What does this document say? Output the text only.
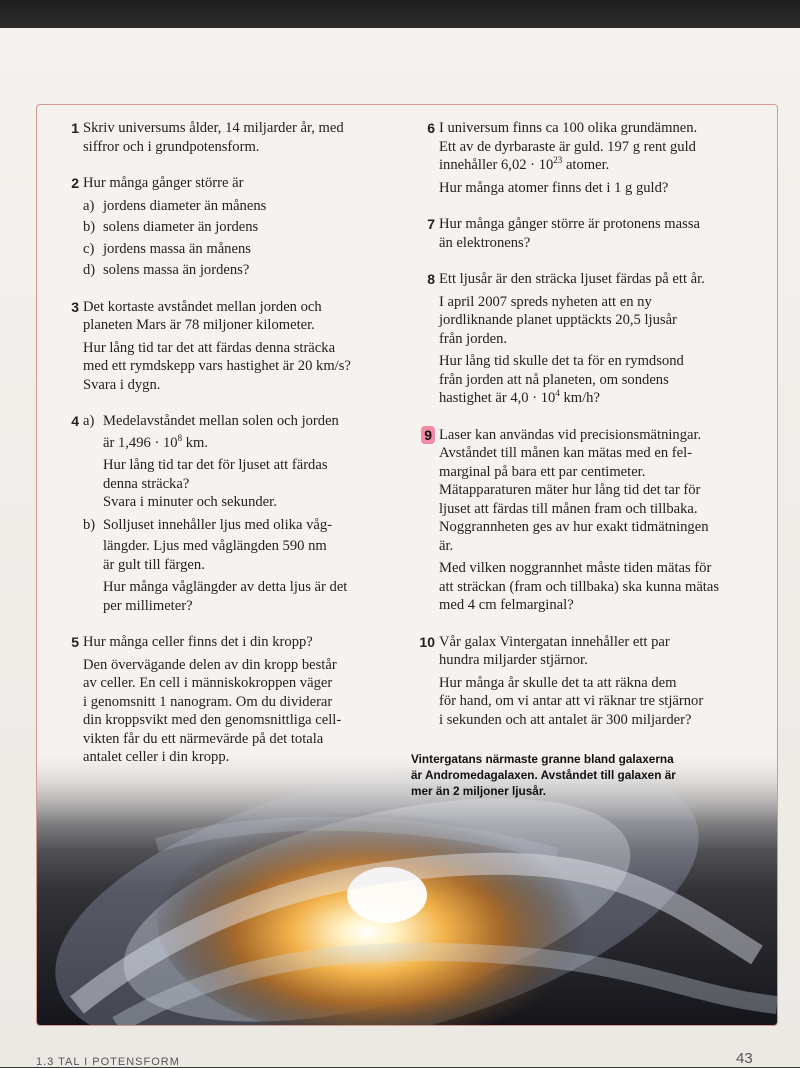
1 Skriv universums ålder, 14 miljarder år, med
siffror och i grundpotensform.
2 Hur många gånger större är
a) jordens diameter än månens
b) solens diameter än jordens
c) jordens massa än månens
d) solens massa än jordens?
3 Det kortaste avståndet mellan jorden och
planeten Mars är 78 miljoner kilometer.
Hur lång tid tar det att färdas denna sträcka
med ett rymdskepp vars hastighet är 20 km/s?
Svara i dygn.
4 a) Medelavståndet mellan solen och jorden
är $1,496 \cdot 10^8$ km.
Hur lång tid tar det för ljuset att färdas
denna sträcka?
Svara i minuter och sekunder.
b) Solljuset innehåller ljus med olika våg-
längder. Ljus med våglängden 590 nm
är gult till färgen.
Hur många våglängder av detta ljus är det
per millimeter?
5 Hur många celler finns det i din kropp?
Den övervägande delen av din kropp består
av celler. En cell i människokroppen väger
i genomsnitt 1 nanogram. Om du dividerar
din kroppsvikt med den genomsnittliga cell-
vikten får du ett närmevärde på det totala
antalet celler i din kropp.
6 I universum finns ca 100 olika grundämnen.
Ett av de dyrbaraste är guld. 197 g rent guld
innehåller $6,02 \cdot 10^{23}$ atomer.
Hur många atomer finns det i 1 g guld?
7 Hur många gånger större är protonens massa
än elektronens?
8 Ett ljusår är den sträcka ljuset färdas på ett år.
I april 2007 spreds nyheten att en ny
jordliknande planet upptäckts 20,5 ljusår
från jorden.
Hur lång tid skulle det ta för en rymdsond
från jorden att nå planeten, om sondens
hastighet är $4,0 \cdot 10^4$ km/h?
9 Laser kan användas vid precisionsmätningar.
Avståndet till månen kan mätas med en fel-
marginal på bara ett par centimeter.
Mätapparaturen mäter hur lång tid det tar för
ljuset att färdas till månen fram och tillbaka.
Noggrannheten ges av hur exakt tidmätningen
är.
Med vilken noggrannhet måste tiden mätas för
att sträckan (fram och tillbaka) ska kunna mätas
med 4 cm felmarginal?
10 Vår galax Vintergatan innehåller ett par
hundra miljarder stjärnor.
Hur många år skulle det ta att räkna dem
för hand, om vi antar att vi räknar tre stjärnor
i sekunden och att antalet är 300 miljarder?
Vintergatans närmaste granne bland galaxerna
är Andromedagalaxen. Avståndet till galaxen är
mer än 2 miljoner ljusår.
1.3 TAL I POTENSFORM	43
